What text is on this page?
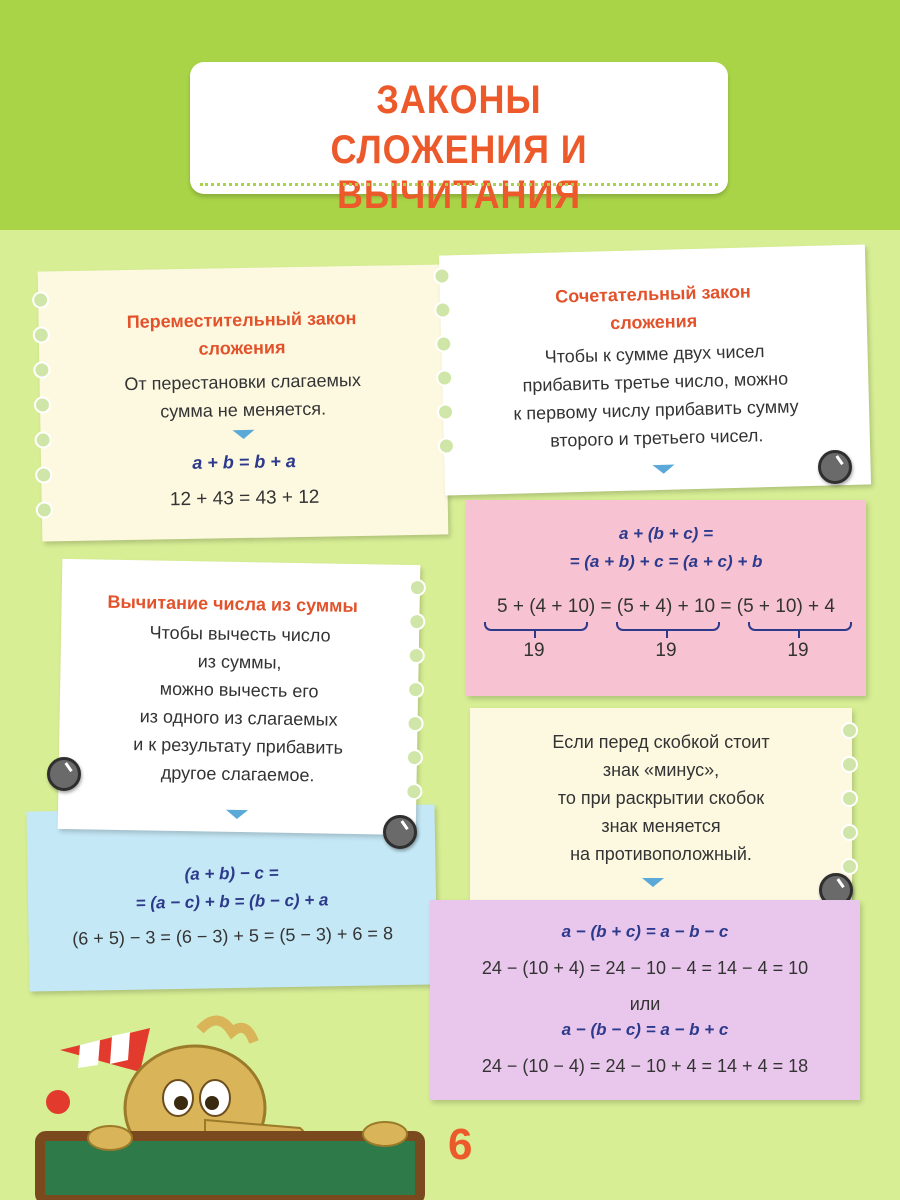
ЗАКОНЫ
СЛОЖЕНИЯ И ВЫЧИТАНИЯ
Переместительный закон
сложения
От перестановки слагаемых
сумма не меняется.
a + b = b + a
12 + 43 = 43 + 12
Сочетательный закон
сложения
Чтобы к сумме двух чисел
прибавить третье число, можно
к первому числу прибавить сумму
второго и третьего чисел.
a + (b + c) =
= (a + b) + c = (a + c) + b
5 + (4 + 10) = (5 + 4) + 10 = (5 + 10) + 4
19	19	19
(a + b) − c =
= (a − c) + b = (b − c) + a
(6 + 5) − 3 = (6 − 3) + 5 = (5 − 3) + 6 = 8
Вычитание числа из суммы
Чтобы вычесть число
из суммы,
можно вычесть его
из одного из слагаемых
и к результату прибавить
другое слагаемое.
Если перед скобкой стоит
знак «минус»,
то при раскрытии скобок
знак меняется
на противоположный.
a − (b + c) = a − b − c
24 − (10 + 4) = 24 − 10 − 4 = 14 − 4 = 10
или
a − (b − c) = a − b + c
24 − (10 − 4) = 24 − 10 + 4 = 14 + 4 = 18
6
